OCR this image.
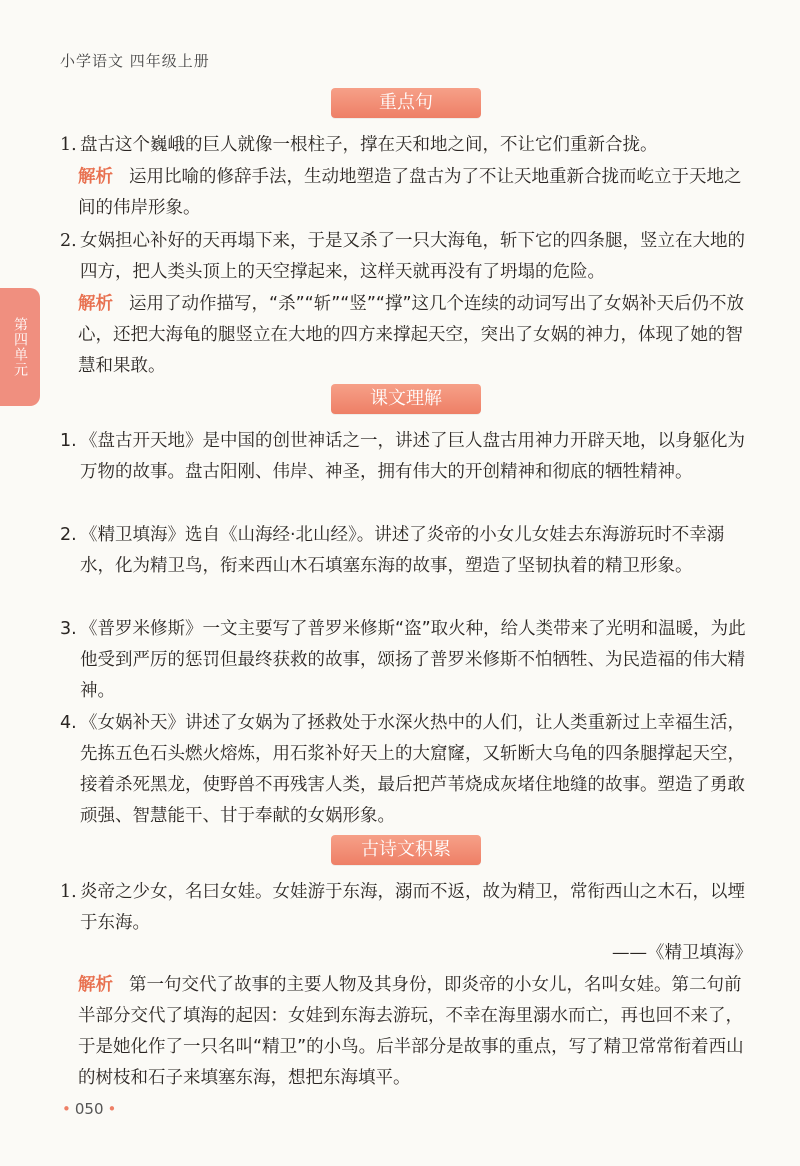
小学语文 四年级上册
第四单元
重点句
1. 盘古这个巍峨的巨人就像一根柱子，撑在天和地之间，不让它们重新合拢。
解析 运用比喻的修辞手法，生动地塑造了盘古为了不让天地重新合拢而屹立于天地之间的伟岸形象。
2. 女娲担心补好的天再塌下来，于是又杀了一只大海龟，斩下它的四条腿，竖立在大地的四方，把人类头顶上的天空撑起来，这样天就再没有了坍塌的危险。
解析 运用了动作描写，“杀”“斩”“竖”“撑”这几个连续的动词写出了女娲补天后仍不放心，还把大海龟的腿竖立在大地的四方来撑起天空，突出了女娲的神力，体现了她的智慧和果敢。
课文理解
1. 《盘古开天地》是中国的创世神话之一，讲述了巨人盘古用神力开辟天地，以身躯化为万物的故事。盘古阳刚、伟岸、神圣，拥有伟大的开创精神和彻底的牺牲精神。
2. 《精卫填海》选自《山海经·北山经》。讲述了炎帝的小女儿女娃去东海游玩时不幸溺水，化为精卫鸟，衔来西山木石填塞东海的故事，塑造了坚韧执着的精卫形象。
3. 《普罗米修斯》一文主要写了普罗米修斯“盗”取火种，给人类带来了光明和温暖，为此他受到严厉的惩罚但最终获救的故事，颂扬了普罗米修斯不怕牺牲、为民造福的伟大精神。
4. 《女娲补天》讲述了女娲为了拯救处于水深火热中的人们，让人类重新过上幸福生活，先拣五色石头燃火熔炼，用石浆补好天上的大窟窿，又斩断大乌龟的四条腿撑起天空，接着杀死黑龙，使野兽不再残害人类，最后把芦苇烧成灰堵住地缝的故事。塑造了勇敢顽强、智慧能干、甘于奉献的女娲形象。
古诗文积累
1. 炎帝之少女，名曰女娃。女娃游于东海，溺而不返，故为精卫，常衔西山之木石，以堙于东海。
——《精卫填海》
解析 第一句交代了故事的主要人物及其身份，即炎帝的小女儿，名叫女娃。第二句前半部分交代了填海的起因：女娃到东海去游玩，不幸在海里溺水而亡，再也回不来了，于是她化作了一只名叫“精卫”的小鸟。后半部分是故事的重点，写了精卫常常衔着西山的树枝和石子来填塞东海，想把东海填平。
• 050 •
